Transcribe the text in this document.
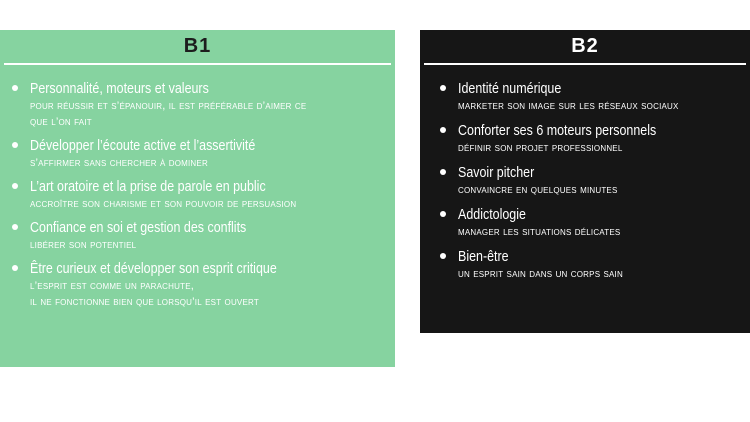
B1
Personnalité, moteurs et valeurs
pour réussir et s’épanouir, il est préférable d’aimer ce
que l’on fait
Développer l’écoute active et l’assertivité
s’affirmer sans chercher à dominer
L’art oratoire et la prise de parole en public
accroître son charisme et son pouvoir de persuasion
Confiance en soi et gestion des conflits
libérer son potentiel
Être curieux et développer son esprit critique
l’esprit est comme un parachute,
il ne fonctionne bien que lorsqu’il est ouvert
B2
Identité numérique
marketer son image sur les réseaux sociaux
Conforter ses 6 moteurs personnels
définir son projet professionnel
Savoir pitcher
convaincre en quelques minutes
Addictologie
manager les situations délicates
Bien-être
un esprit sain dans un corps sain
